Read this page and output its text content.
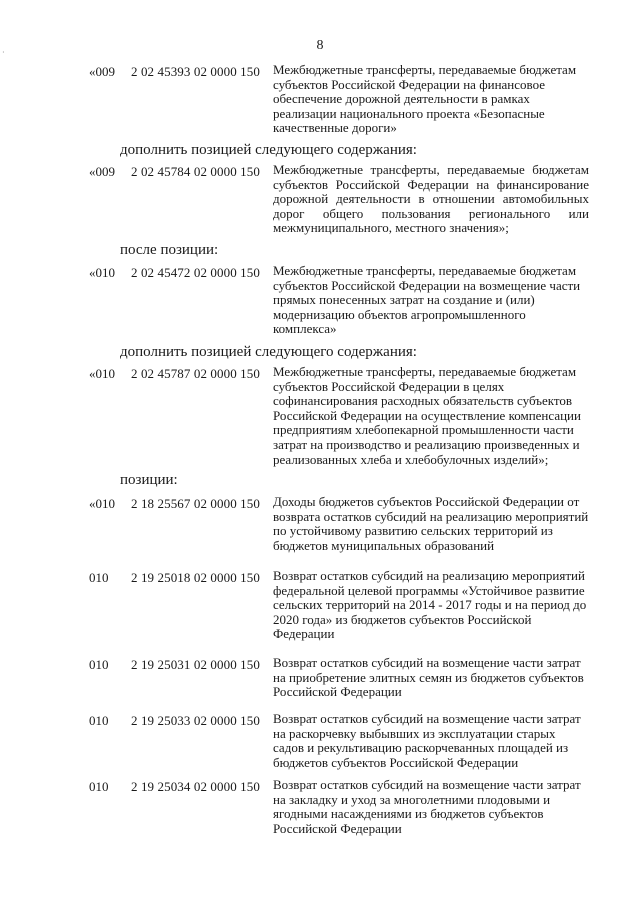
8
·
«009 2 02 45393 02 0000 150 Межбюджетные трансферты, передаваемые бюджетам субъектов Российской Федерации на финансовое обеспечение дорожной деятельности в рамках реализации национального проекта «Безопасные качественные дороги»
дополнить позицией следующего содержания:
«009 2 02 45784 02 0000 150 Межбюджетные трансферты, передаваемые бюджетам субъектов Российской Федерации на финансирование дорожной деятельности в отношении автомобильных дорог общего пользования регионального или межмуниципального, местного значения»;
после позиции:
«010 2 02 45472 02 0000 150 Межбюджетные трансферты, передаваемые бюджетам субъектов Российской Федерации на возмещение части прямых понесенных затрат на создание и (или) модернизацию объектов агропромышленного комплекса»
дополнить позицией следующего содержания:
«010 2 02 45787 02 0000 150 Межбюджетные трансферты, передаваемые бюджетам субъектов Российской Федерации в целях софинансирования расходных обязательств субъектов Российской Федерации на осуществление компенсации предприятиям хлебопекарной промышленности части затрат на производство и реализацию произведенных и реализованных хлеба и хлебобулочных изделий»;
позиции:
«010 2 18 25567 02 0000 150 Доходы бюджетов субъектов Российской Федерации от возврата остатков субсидий на реализацию мероприятий по устойчивому развитию сельских территорий из бюджетов муниципальных образований
010 2 19 25018 02 0000 150 Возврат остатков субсидий на реализацию мероприятий федеральной целевой программы «Устойчивое развитие сельских территорий на 2014 - 2017 годы и на период до 2020 года» из бюджетов субъектов Российской Федерации
010 2 19 25031 02 0000 150 Возврат остатков субсидий на возмещение части затрат на приобретение элитных семян из бюджетов субъектов Российской Федерации
010 2 19 25033 02 0000 150 Возврат остатков субсидий на возмещение части затрат на раскорчевку выбывших из эксплуатации старых садов и рекультивацию раскорчеванных площадей из бюджетов субъектов Российской Федерации
010 2 19 25034 02 0000 150 Возврат остатков субсидий на возмещение части затрат на закладку и уход за многолетними плодовыми и ягодными насаждениями из бюджетов субъектов Российской Федерации
